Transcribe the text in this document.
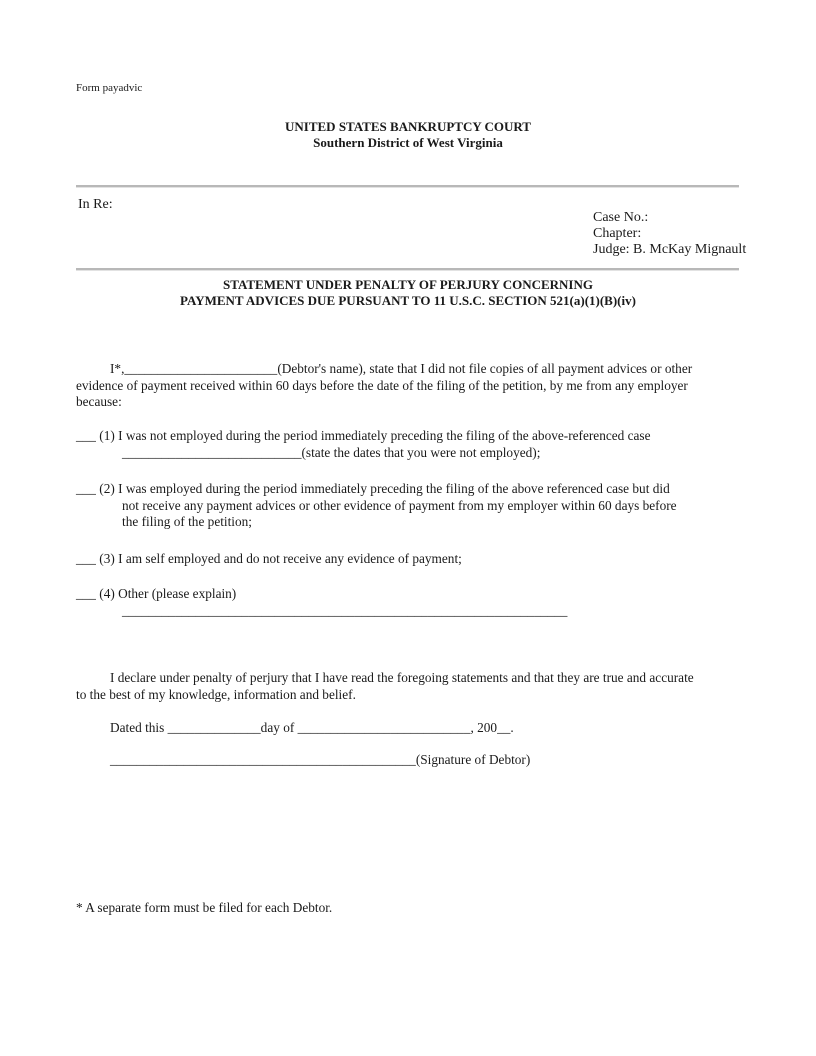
Form payadvic
UNITED STATES BANKRUPTCY COURT
Southern District of West Virginia
In Re:
Case No.:
Chapter:
Judge: B. McKay Mignault
STATEMENT UNDER PENALTY OF PERJURY CONCERNING
PAYMENT ADVICES DUE PURSUANT TO 11 U.S.C. SECTION 521(a)(1)(B)(iv)
I*,_______________________(Debtor's name), state that I did not file copies of all payment advices or other
evidence of payment received within 60 days before the date of the filing of the petition, by me from any employer
because:
___ (1) I was not employed during the period immediately preceding the filing of the above-referenced case
___________________________(state the dates that you were not employed);
___ (2) I was employed during the period immediately preceding the filing of the above referenced case but did
not receive any payment advices or other evidence of payment from my employer within 60 days before
the filing of the petition;
___ (3) I am self employed and do not receive any evidence of payment;
___ (4) Other (please explain)
___________________________________________________________________
I declare under penalty of perjury that I have read the foregoing statements and that they are true and accurate
to the best of my knowledge, information and belief.
Dated this ______________day of __________________________, 200__.
______________________________________________(Signature of Debtor)
* A separate form must be filed for each Debtor.
